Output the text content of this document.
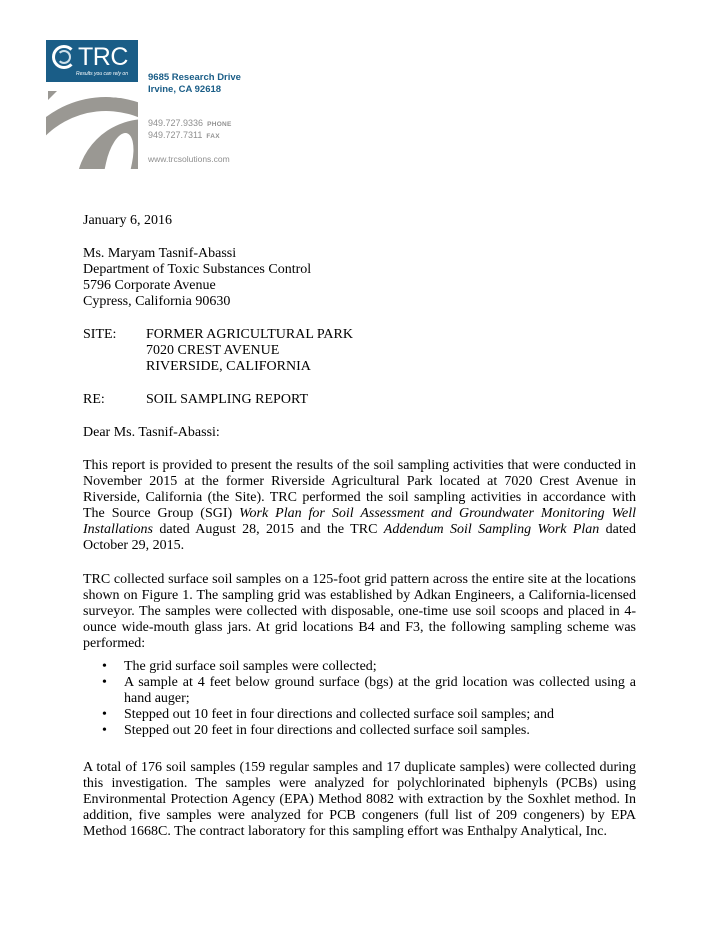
TRC
Results you can rely on 9685 Research Drive
Irvine, CA 92618
949.727.9336 PHONE
949.727.7311 FAX
www.trcsolutions.com
January 6, 2016
Ms. Maryam Tasnif-Abassi
Department of Toxic Substances Control
5796 Corporate Avenue
Cypress, California 90630
SITE:	FORMER AGRICULTURAL PARK
7020 CREST AVENUE
RIVERSIDE, CALIFORNIA
RE:	SOIL SAMPLING REPORT
Dear Ms. Tasnif-Abassi:
This report is provided to present the results of the soil sampling activities that were conducted in November 2015 at the former Riverside Agricultural Park located at 7020 Crest Avenue in Riverside, California (the Site). TRC performed the soil sampling activities in accordance with The Source Group (SGI) Work Plan for Soil Assessment and Groundwater Monitoring Well Installations dated August 28, 2015 and the TRC Addendum Soil Sampling Work Plan dated October 29, 2015.
TRC collected surface soil samples on a 125-foot grid pattern across the entire site at the locations shown on Figure 1. The sampling grid was established by Adkan Engineers, a California-licensed surveyor. The samples were collected with disposable, one-time use soil scoops and placed in 4-ounce wide-mouth glass jars. At grid locations B4 and F3, the following sampling scheme was performed:
• The grid surface soil samples were collected;
• A sample at 4 feet below ground surface (bgs) at the grid location was collected using a hand auger;
• Stepped out 10 feet in four directions and collected surface soil samples; and
• Stepped out 20 feet in four directions and collected surface soil samples.
A total of 176 soil samples (159 regular samples and 17 duplicate samples) were collected during this investigation. The samples were analyzed for polychlorinated biphenyls (PCBs) using Environmental Protection Agency (EPA) Method 8082 with extraction by the Soxhlet method. In addition, five samples were analyzed for PCB congeners (full list of 209 congeners) by EPA Method 1668C. The contract laboratory for this sampling effort was Enthalpy Analytical, Inc.
